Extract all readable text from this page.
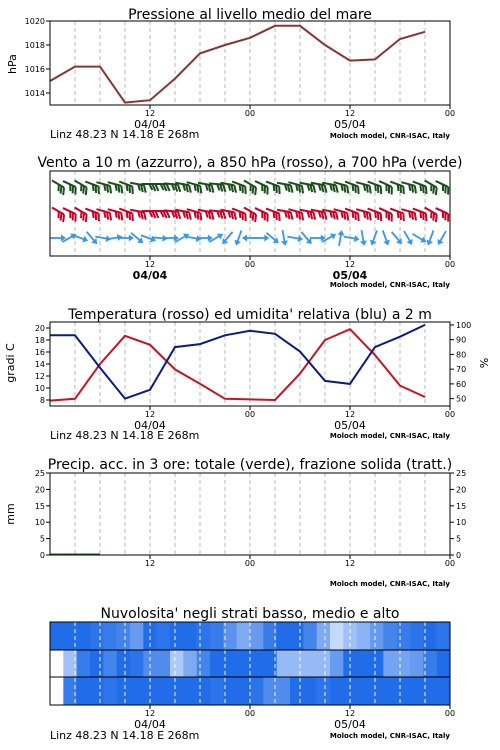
Pressione al livello medio del mare
hPa
1014
1016
1018
1020
12	00	12	00
04/04	05/04
Linz 48.23 N 14.18 E 268m	Moloch model, CNR-ISAC, Italy
Vento a 10 m (azzurro), a 850 hPa (rosso), a 700 hPa (verde)
12	00	12	00
04/04	05/04
Moloch model, CNR-ISAC, Italy
Temperatura (rosso) ed umidita' relativa (blu) a 2 m
gradi C	%
8
10
12
14
16
18
20
50
60
70
80
90
100
12	00	12	00
04/04	05/04
Linz 48.23 N 14.18 E 268m	Moloch model, CNR-ISAC, Italy
Precip. acc. in 3 ore: totale (verde), frazione solida (tratt.)
mm
0
5
10
15
20
25
0
5
10
15
20
25
12	00	12	00
Moloch model, CNR-ISAC, Italy
Nuvolosita' negli strati basso, medio e alto
12	00	12	00
04/04	05/04
Linz 48.23 N 14.18 E 268m	Moloch model, CNR-ISAC, Italy
